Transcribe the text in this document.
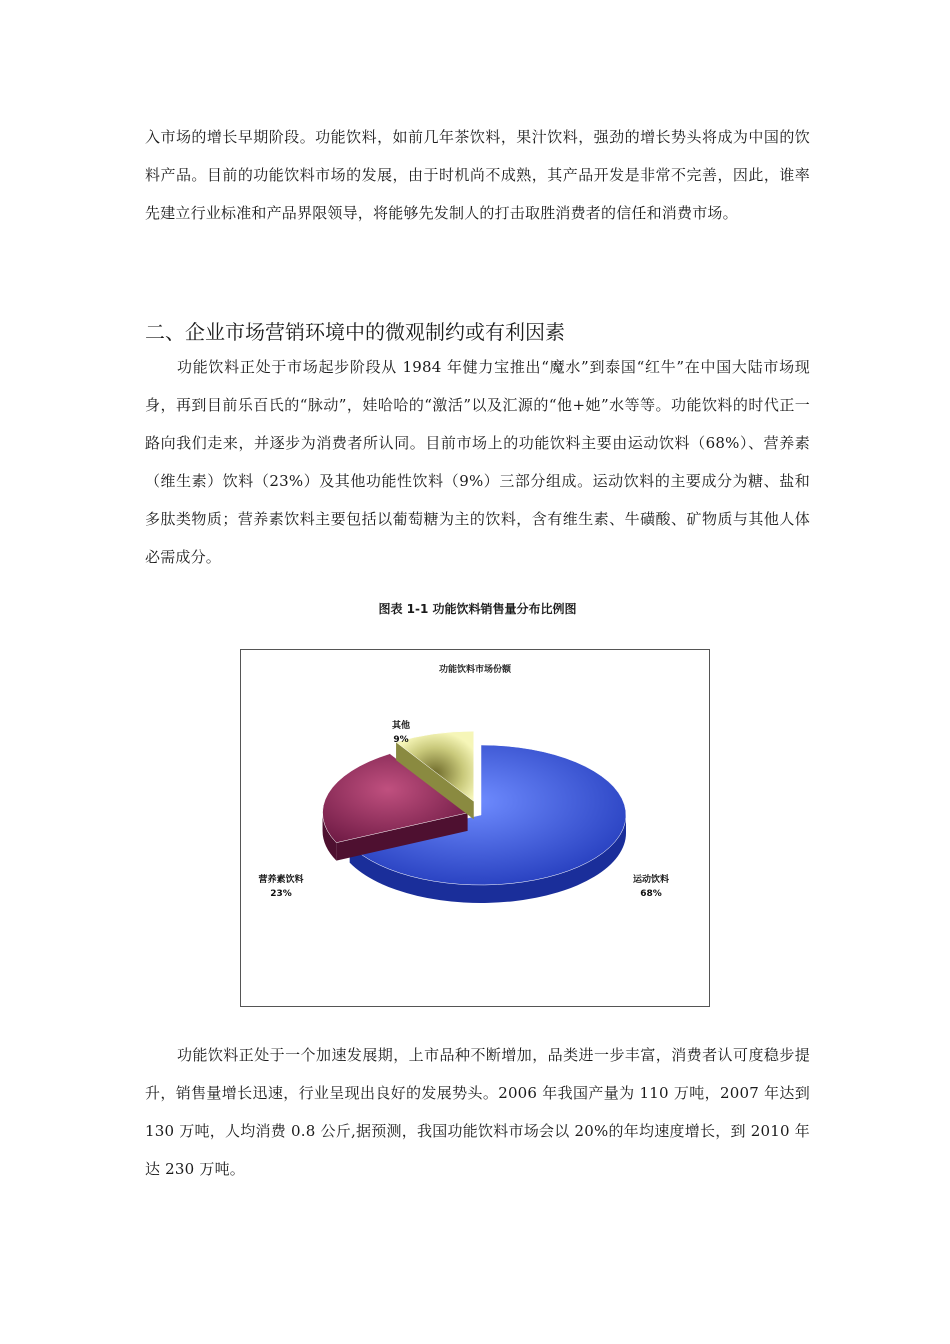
入市场的增长早期阶段。功能饮料，如前几年茶饮料，果汁饮料，强劲的增长势头将成为中国的饮料产品。目前的功能饮料市场的发展，由于时机尚不成熟，其产品开发是非常不完善，因此，谁率先建立行业标准和产品界限领导，将能够先发制人的打击取胜消费者的信任和消费市场。

二、企业市场营销环境中的微观制约或有利因素

功能饮料正处于市场起步阶段从 1984 年健力宝推出“魔水”到泰国“红牛”在中国大陆市场现身，再到目前乐百氏的“脉动”，娃哈哈的“激活”以及汇源的“他+她”水等等。功能饮料的时代正一路向我们走来，并逐步为消费者所认同。目前市场上的功能饮料主要由运动饮料（68%）、营养素（维生素）饮料（23%）及其他功能性饮料（9%）三部分组成。运动饮料的主要成分为糖、盐和多肽类物质；营养素饮料主要包括以葡萄糖为主的饮料，含有维生素、牛磺酸、矿物质与其他人体必需成分。

图表 1-1 功能饮料销售量分布比例图

功能饮料市场份额
运动饮料
68%
营养素饮料
23%
其他
9%

功能饮料正处于一个加速发展期，上市品种不断增加，品类进一步丰富，消费者认可度稳步提升，销售量增长迅速，行业呈现出良好的发展势头。2006 年我国产量为 110 万吨，2007 年达到 130 万吨，人均消费 0.8 公斤,据预测，我国功能饮料市场会以 20%的年均速度增长，到 2010 年达 230 万吨。
